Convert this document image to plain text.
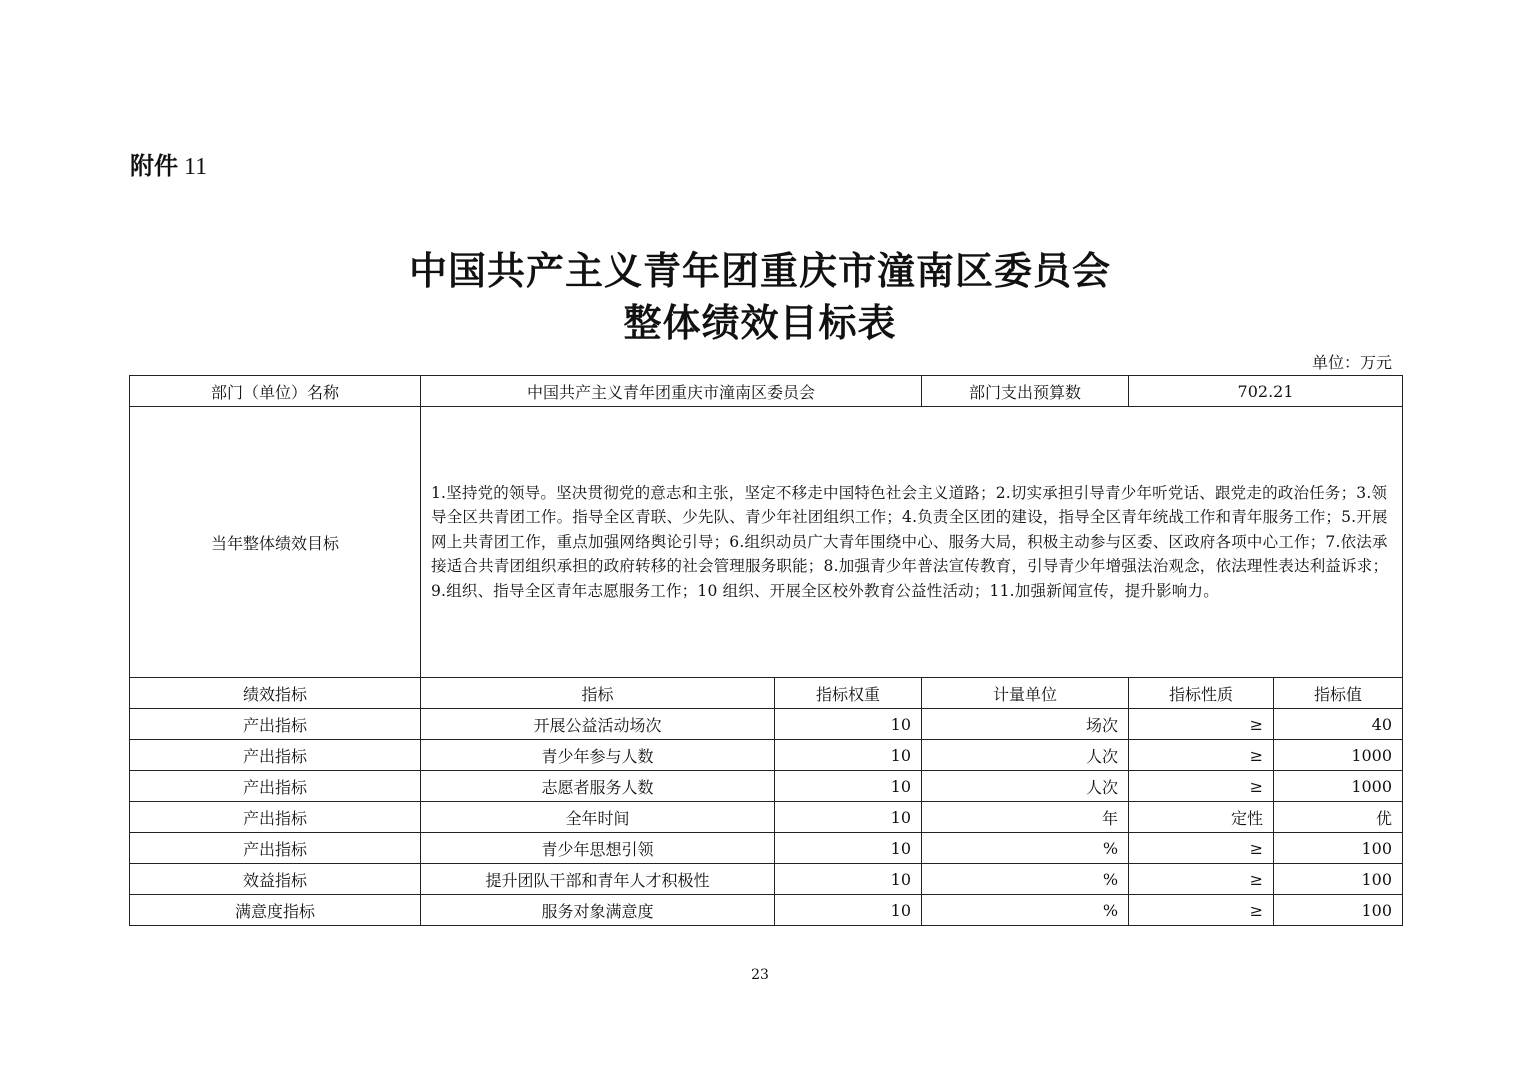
附件 11
中国共产主义青年团重庆市潼南区委员会
整体绩效目标表
单位：万元
部门（单位）名称	中国共产主义青年团重庆市潼南区委员会		部门支出预算数	702.21	
当年整体绩效目标	1.坚持党的领导。坚决贯彻党的意志和主张，坚定不移走中国特色社会主义道路；2.切实承担引导青少年听党话、跟党走的政治任务；3.领导全区共青团工作。指导全区青联、少先队、青少年社团组织工作；4.负责全区团的建设，指导全区青年统战工作和青年服务工作；5.开展网上共青团工作，重点加强网络舆论引导；6.组织动员广大青年围绕中心、服务大局，积极主动参与区委、区政府各项中心工作；7.依法承接适合共青团组织承担的政府转移的社会管理服务职能；8.加强青少年普法宣传教育，引导青少年增强法治观念，依法理性表达利益诉求；9.组织、指导全区青年志愿服务工作；10 组织、开展全区校外教育公益性活动；11.加强新闻宣传，提升影响力。				
绩效指标	指标	指标权重	计量单位	指标性质	指标值
产出指标	开展公益活动场次	10	场次	≥	40
产出指标	青少年参与人数	10	人次	≥	1000
产出指标	志愿者服务人数	10	人次	≥	1000
产出指标	全年时间	10	年	定性	优
产出指标	青少年思想引领	10	%	≥	100
效益指标	提升团队干部和青年人才积极性	10	%	≥	100
满意度指标	服务对象满意度	10	%	≥	100
23
